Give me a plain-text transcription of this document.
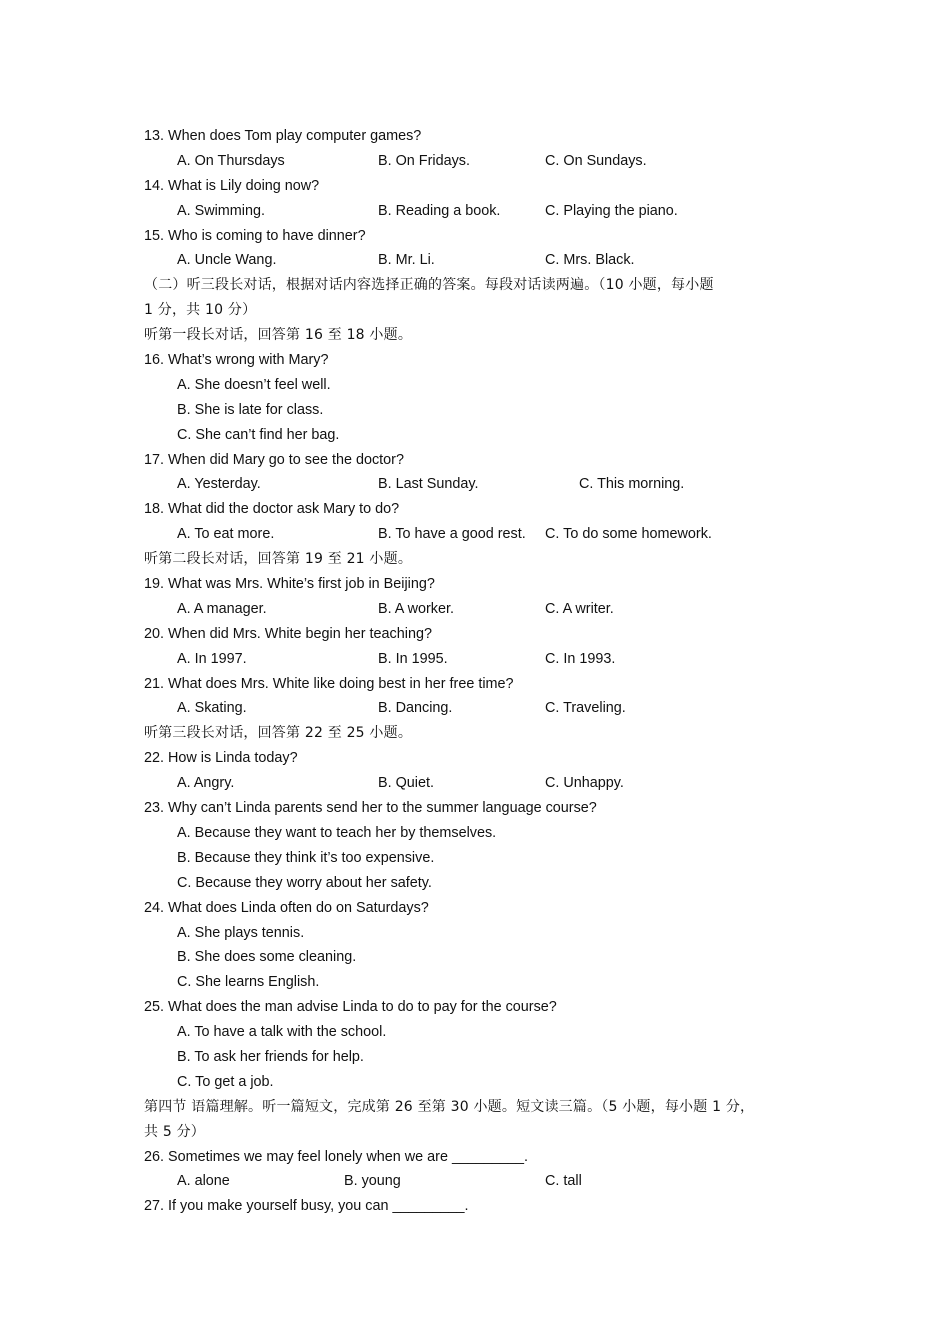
13. When does Tom play computer games?
A. On Thursdays	B. On Fridays.	C. On Sundays.
14. What is Lily doing now?
A. Swimming.	B. Reading a book.	C. Playing the piano.
15. Who is coming to have dinner?
A. Uncle Wang.	B. Mr. Li.	C. Mrs. Black.
（二）听三段长对话，根据对话内容选择正确的答案。每段对话读两遍。（10 小题，每小题
1 分，共 10 分）
听第一段长对话，回答第 16 至 18 小题。
16. What’s wrong with Mary?
A. She doesn’t feel well.
B. She is late for class.
C. She can’t find her bag.
17. When did Mary go to see the doctor?
A. Yesterday.	B. Last Sunday.	C. This morning.
18. What did the doctor ask Mary to do?
A. To eat more.	B. To have a good rest. C. To do some homework.
听第二段长对话，回答第 19 至 21 小题。
19. What was Mrs. White’s first job in Beijing?
A. A manager.	B. A worker.	C. A writer.
20. When did Mrs. White begin her teaching?
A. In 1997.	B. In 1995.	C. In 1993.
21. What does Mrs. White like doing best in her free time?
A. Skating.	B. Dancing.	C. Traveling.
听第三段长对话，回答第 22 至 25 小题。
22. How is Linda today?
A. Angry.	B. Quiet.	C. Unhappy.
23. Why can’t Linda parents send her to the summer language course?
A. Because they want to teach her by themselves.
B. Because they think it’s too expensive.
C. Because they worry about her safety.
24. What does Linda often do on Saturdays?
A. She plays tennis.
B. She does some cleaning.
C. She learns English.
25. What does the man advise Linda to do to pay for the course?
A. To have a talk with the school.
B. To ask her friends for help.
C. To get a job.
第四节 语篇理解。听一篇短文，完成第 26 至第 30 小题。短文读三篇。（5 小题，每小题 1 分，
共 5 分）
26. Sometimes we may feel lonely when we are _________.
A. alone	B. young	C. tall
27. If you make yourself busy, you can _________.
